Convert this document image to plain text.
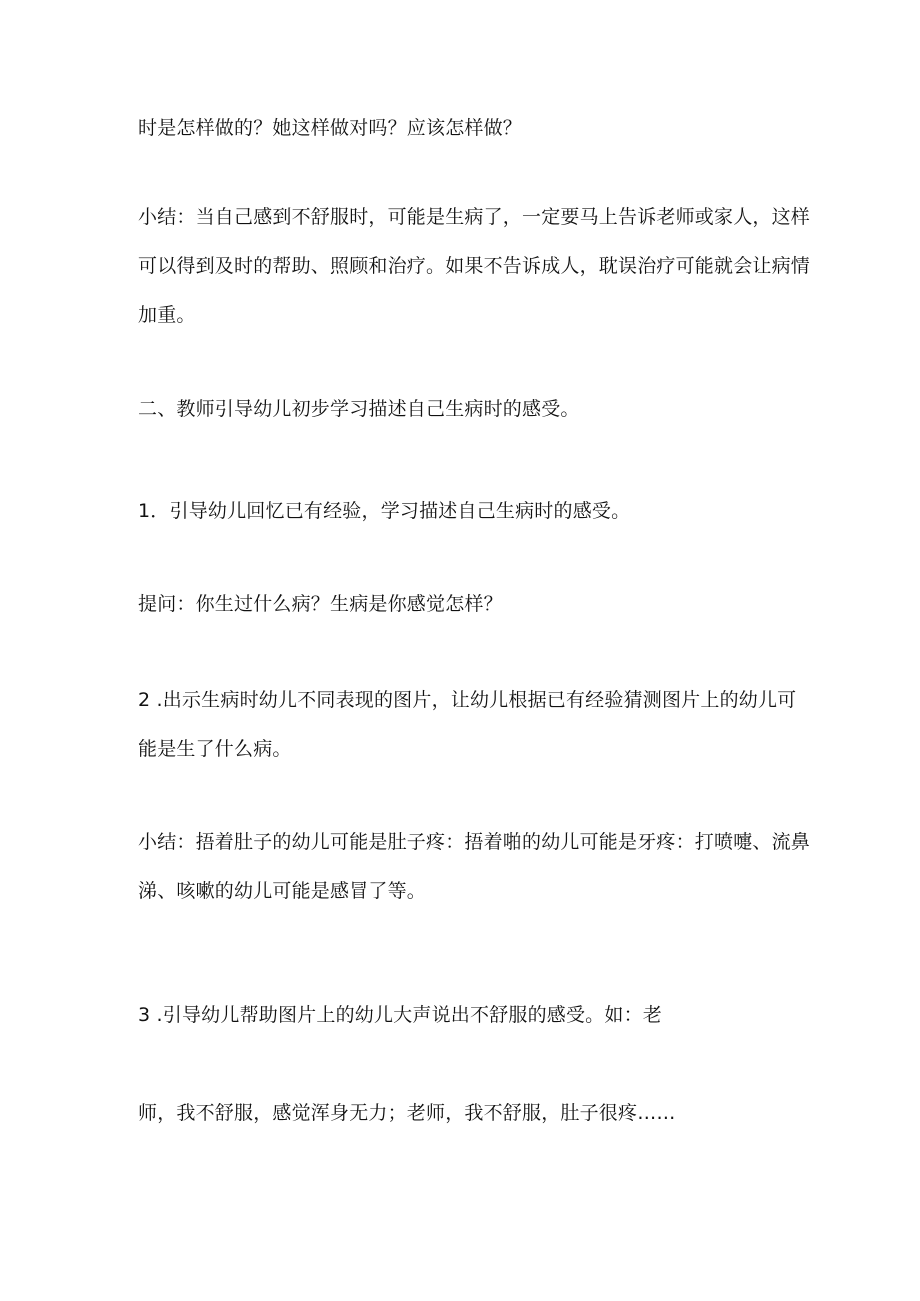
时是怎样做的？她这样做对吗？应该怎样做？
小结：当自己感到不舒服时，可能是生病了，一定要马上告诉老师或家人，这样
可以得到及时的帮助、照顾和治疗。如果不告诉成人，耽误治疗可能就会让病情
加重。
二、教师引导幼儿初步学习描述自己生病时的感受。
1．引导幼儿回忆已有经验，学习描述自己生病时的感受。
提问：你生过什么病？生病是你感觉怎样？
2 .出示生病时幼儿不同表现的图片，让幼儿根据已有经验猜测图片上的幼儿可
能是生了什么病。
小结：捂着肚子的幼儿可能是肚子疼：捂着啪的幼儿可能是牙疼：打喷嚏、流鼻
涕、咳嗽的幼儿可能是感冒了等。
3 .引导幼儿帮助图片上的幼儿大声说出不舒服的感受。如：老
师，我不舒服，感觉浑身无力；老师，我不舒服，肚子很疼……
